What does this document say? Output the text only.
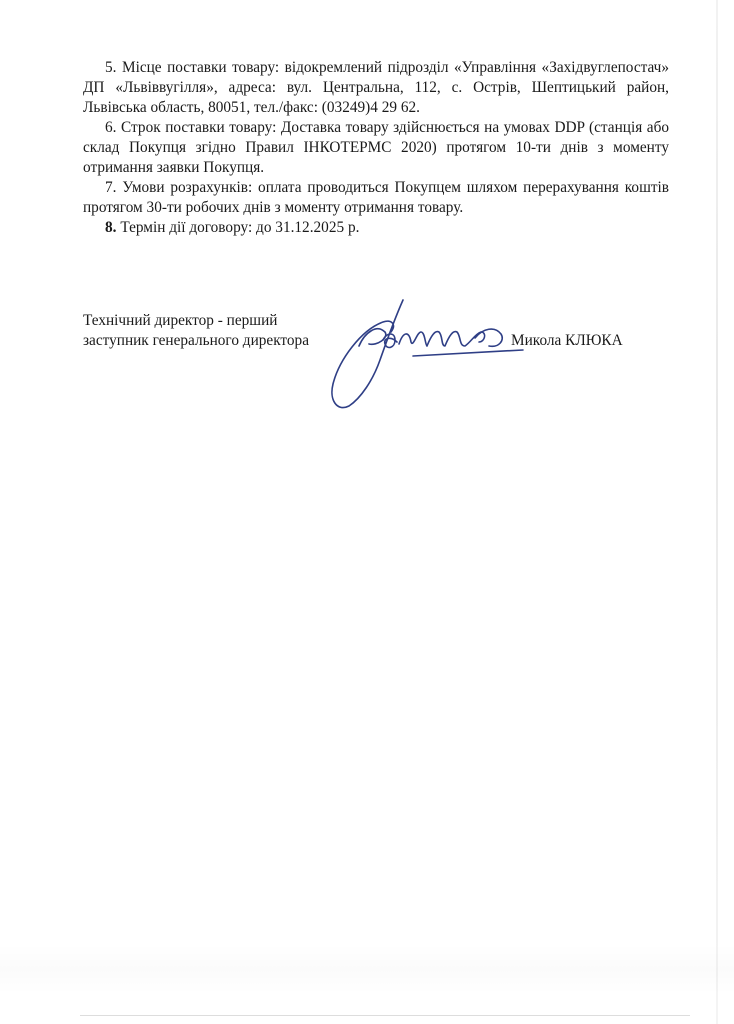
5. Місце поставки товару: відокремлений підрозділ «Управління «Західвуглепостач» ДП «Львіввугілля», адреса: вул. Центральна, 112, с. Острів, Шептицький район, Львівська область, 80051, тел./факс: (03249)4 29 62.

6. Строк поставки товару: Доставка товару здійснюється на умовах DDP (станція або склад Покупця згідно Правил ІНКОТЕРМС 2020) протягом 10-ти днів з моменту отримання заявки Покупця.

7. Умови розрахунків: оплата проводиться Покупцем шляхом перерахування коштів протягом 30-ти робочих днів з моменту отримання товару.

8. Термін дії договору: до 31.12.2025 р.

Технічний директор - перший
заступник генерального директора	Микола КЛЮКА
